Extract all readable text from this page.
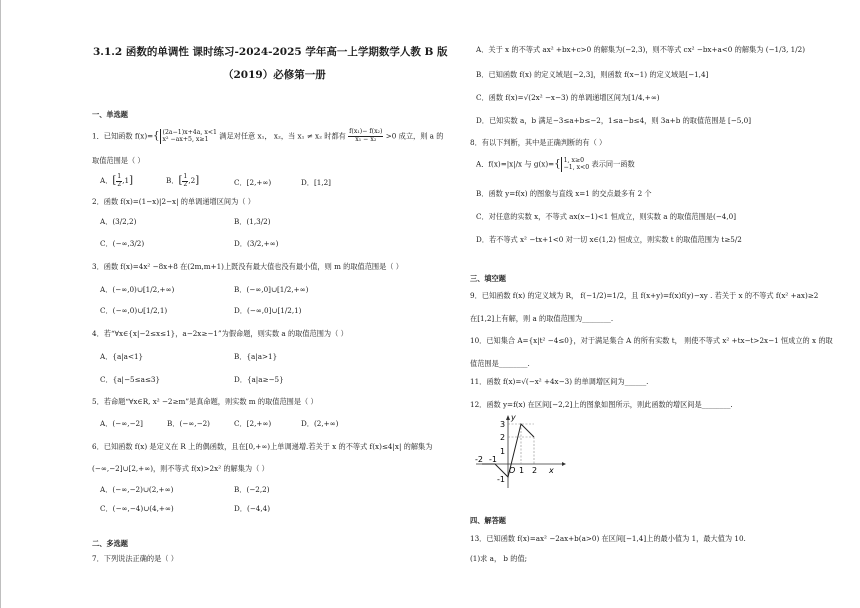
3.1.2 函数的单调性 课时练习-2024-2025 学年高一上学期数学人教 B 版
（2019）必修第一册
一、单选题
1．已知函数 f(x)={ (2a−1)x+4a, x<1
x² −ax+5, x≥1 满足对任意 x₁， x₂，当 x₁ ≠ x₂ 时都有 $\frac{\text{f(x₁)− f(x₂)}}{\text{x₁ − x₂}} >0$ 成立，则 a 的
取值范围是（ ）
A．[ $\frac{1}{2} ,1$]	B．[ $\frac{1}{2} ,2$]	C．[2,+∞)	D．[1,2]
2．函数 f(x)=(1−x)|2−x| 的单调递增区间为（ ）
A．(3/2,2)	B．(1,3/2)
C．(−∞,3/2)	D．(3/2,+∞)
3．函数 f(x)=4x² −8x+8 在(2m,m+1)上既没有最大值也没有最小值，则 m 的取值范围是（ ）
A．(−∞,0)∪[1/2,+∞)	B．(−∞,0]∪[1/2,+∞)
C．(−∞,0)∪[1/2,1)	D．(−∞,0]∪[1/2,1)
4．若“∀x∈{x|−2≤x≤1}，a−2x≥−1”为假命题，则实数 a 的取值范围为（ ）
A．{a|a<1}	B．{a|a>1}
C．{a|−5≤a≤3}	D．{a|a≥−5}
5．若命题“∀x∈R, x² −2≥m”是真命题，则实数 m 的取值范围是（ ）
A．(−∞,−2]	B．(−∞,−2)	C．[2,+∞)	D．(2,+∞)
6．已知函数 f(x) 是定义在 R 上的偶函数，且在[0,+∞)上单调递增.若关于 x 的不等式 f(x)≤4|x| 的解集为
(−∞,−2]∪[2,+∞)，则不等式 f(x)>2x² 的解集为（ ）
A．(−∞,−2)∪(2,+∞)	B．(−2,2)
C．(−∞,−4)∪(4,+∞)	D．(−4,4)
二、多选题
7．下列说法正确的是（ ）
A．关于 x 的不等式 ax² +bx+c>0 的解集为(−2,3)，则不等式 cx² −bx+a<0 的解集为 (−1/3, 1/2)
B．已知函数 f(x) 的定义域是[−2,3]，则函数 f(x−1) 的定义域是[−1,4]
C．函数 f(x)=√(2x² −x−3) 的单调递增区间为[1/4,+∞)
D．已知实数 a，b 满足−3≤a+b≤−2，1≤a−b≤4，则 3a+b 的取值范围是 [−5,0]
8．有以下判断，其中是正确判断的有（ ）
A．f(x)=|x|/x 与 g(x)={ 1, x≥0
−1, x<0 表示同一函数
B．函数 y=f(x) 的图象与直线 x=1 的交点最多有 2 个
C．对任意的实数 x，不等式 ax(x−1)<1 恒成立，则实数 a 的取值范围是(−4,0]
D．若不等式 x² −tx+1<0 对一切 x∈(1,2) 恒成立，则实数 t 的取值范围为 t≥5/2
三、填空题
9．已知函数 f(x) 的定义域为 R， f(−1/2)=1/2，且 f(x+y)=f(x)f(y)−xy . 若关于 x 的不等式 f(x² +ax)≥2
在[1,2]上有解，则 a 的取值范围为________.
10．已知集合 A={x|t² −4≤0}，对于满足集合 A 的所有实数 t， 则使不等式 x² +tx−t>2x−1 恒成立的 x 的取
值范围是________.
11．函数 f(x)=√(−x² +4x−3) 的单调增区间为______.
12．函数 y=f(x) 在区间[−2,2]上的图象如图所示，则此函数的增区间是________.
3
2
1
-1
-2 -1
O 1 2 x
y
四、解答题
13．已知函数 f(x)=ax² −2ax+b(a>0) 在区间[−1,4]上的最小值为 1，最大值为 10.
(1)求 a， b 的值;
